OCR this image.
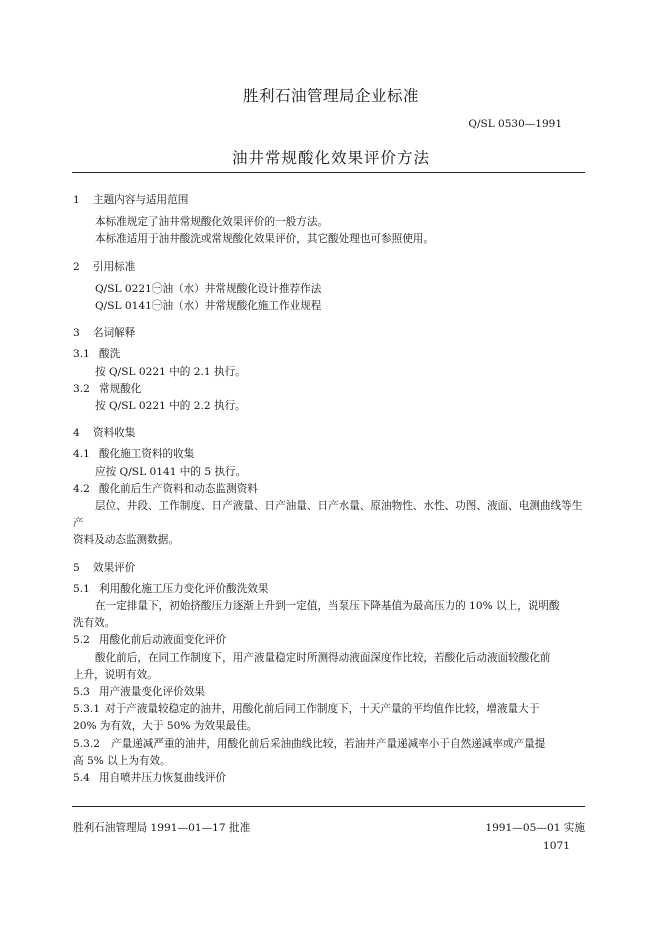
胜利石油管理局企业标准
Q/SL 0530—1991
油井常规酸化效果评价方法

1 主题内容与适用范围

本标准规定了油井常规酸化效果评价的一般方法。

本标准适用于油井酸洗或常规酸化效果评价，其它酸处理也可参照使用。

2 引用标准

Q/SL 0221㊀油（水）井常规酸化设计推荐作法

Q/SL 0141㊀油（水）井常规酸化施工作业规程

3 名词解释

3.1 酸洗

按 Q/SL 0221 中的 2.1 执行。

3.2 常规酸化

按 Q/SL 0221 中的 2.2 执行。

4 资料收集

4.1 酸化施工资料的收集

应按 Q/SL 0141 中的 5 执行。

4.2 酸化前后生产资料和动态监测资料

层位、井段、工作制度、日产液量、日产油量、日产水量、原油物性、水性、功图、液面、电测曲线等生产

资料及动态监测数据。

5 效果评价

5.1 利用酸化施工压力变化评价酸洗效果

在一定排量下，初始挤酸压力逐渐上升到一定值，当泵压下降基值为最高压力的 10% 以上，说明酸

洗有效。

5.2 用酸化前后动液面变化评价

酸化前后，在同工作制度下，用产液量稳定时所测得动液面深度作比较，若酸化后动液面较酸化前

上升，说明有效。

5.3 用产液量变化评价效果

5.3.1 对于产液量较稳定的油井，用酸化前后同工作制度下，十天产量的平均值作比较，增液量大于

20% 为有效，大于 50% 为效果最佳。

5.3.2 产量递减严重的油井，用酸化前后采油曲线比较，若油井产量递减率小于自然递减率或产量提

高 5% 以上为有效。

5.4 用自喷井压力恢复曲线评价

胜利石油管理局 1991—01—17 批准	1991—05—01 实施
1071
